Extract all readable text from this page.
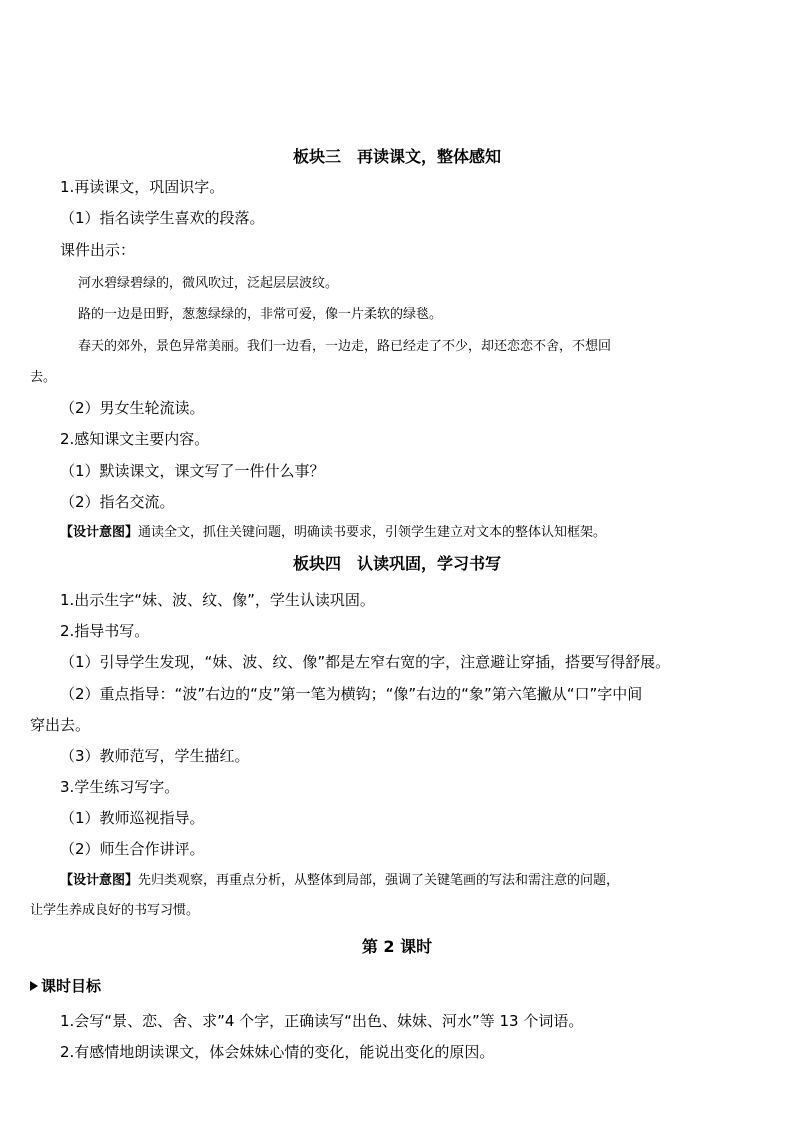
板块三　再读课文，整体感知
1.再读课文，巩固识字。
（1）指名读学生喜欢的段落。
课件出示：
河水碧绿碧绿的，微风吹过，泛起层层波纹。
路的一边是田野，葱葱绿绿的，非常可爱，像一片柔软的绿毯。
春天的郊外，景色异常美丽。我们一边看，一边走，路已经走了不少，却还恋恋不舍，不想回
去。
（2）男女生轮流读。
2.感知课文主要内容。
（1）默读课文，课文写了一件什么事？
（2）指名交流。
【设计意图】通读全文，抓住关键问题，明确读书要求，引领学生建立对文本的整体认知框架。
板块四　认读巩固，学习书写
1.出示生字“妹、波、纹、像”，学生认读巩固。
2.指导书写。
（1）引导学生发现，“妹、波、纹、像”都是左窄右宽的字，注意避让穿插，搭要写得舒展。
（2）重点指导：“波”右边的“皮”第一笔为横钩；“像”右边的“象”第六笔撇从“口”字中间
穿出去。
（3）教师范写，学生描红。
3.学生练习写字。
（1）教师巡视指导。
（2）师生合作讲评。
【设计意图】先归类观察，再重点分析，从整体到局部，强调了关键笔画的写法和需注意的问题，
让学生养成良好的书写习惯。
第 2 课时
课时目标
1.会写“景、恋、舍、求”4 个字，正确读写“出色、妹妹、河水”等 13 个词语。
2.有感情地朗读课文，体会妹妹心情的变化，能说出变化的原因。
